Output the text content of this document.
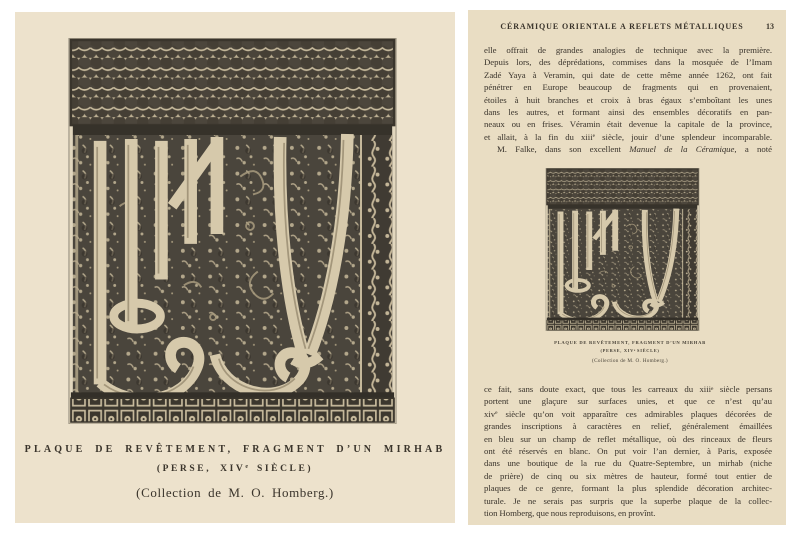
PLAQUE DE REVÊTEMENT, FRAGMENT D’UN MIRHAB
(PERSE, XIVe SIÈCLE)
(Collection de M. O. Homberg.)
CÉRAMIQUE ORIENTALE A REFLETS MÉTALLIQUES	13
elle offrait de grandes analogies de technique avec la première.
Depuis lors, des déprédations, commises dans la mosquée de l’Imam
Zadé Yaya à Veramin, qui date de cette même année 1262, ont fait
pénétrer en Europe beaucoup de fragments qui en provenaient,
étoiles à huit branches et croix à bras égaux s’emboîtant les unes
dans les autres, et formant ainsi des ensembles décoratifs en pan-
neaux ou en frises. Véramin était devenue la capitale de la province,
et allait, à la fin du xiii$^e$ siècle, jouir d’une splendeur incomparable.
M. Falke, dans son excellent Manuel de la Céramique, a noté
PLAQUE DE REVÊTEMENT, FRAGMENT D’UN MIRHAB
(PERSE, XIVe SIÈCLE)
(Collection de M. O. Homberg.)
ce fait, sans doute exact, que tous les carreaux du xiii$^e$ siècle persans
portent une glaçure sur surfaces unies, et que ce n’est qu’au
xiv$^e$ siècle qu’on voit apparaître ces admirables plaques décorées de
grandes inscriptions à caractères en relief, généralement émaillées
en bleu sur un champ de reflet métallique, où des rinceaux de fleurs
ont été réservés en blanc. On put voir l’an dernier, à Paris, exposée
dans une boutique de la rue du Quatre-Septembre, un mirhab (niche
de prière) de cinq ou six mètres de hauteur, formé tout entier de
plaques de ce genre, formant la plus splendide décoration architec-
turale. Je ne serais pas surpris que la superbe plaque de la collec-
tion Homberg, que nous reproduisons, en provînt.
